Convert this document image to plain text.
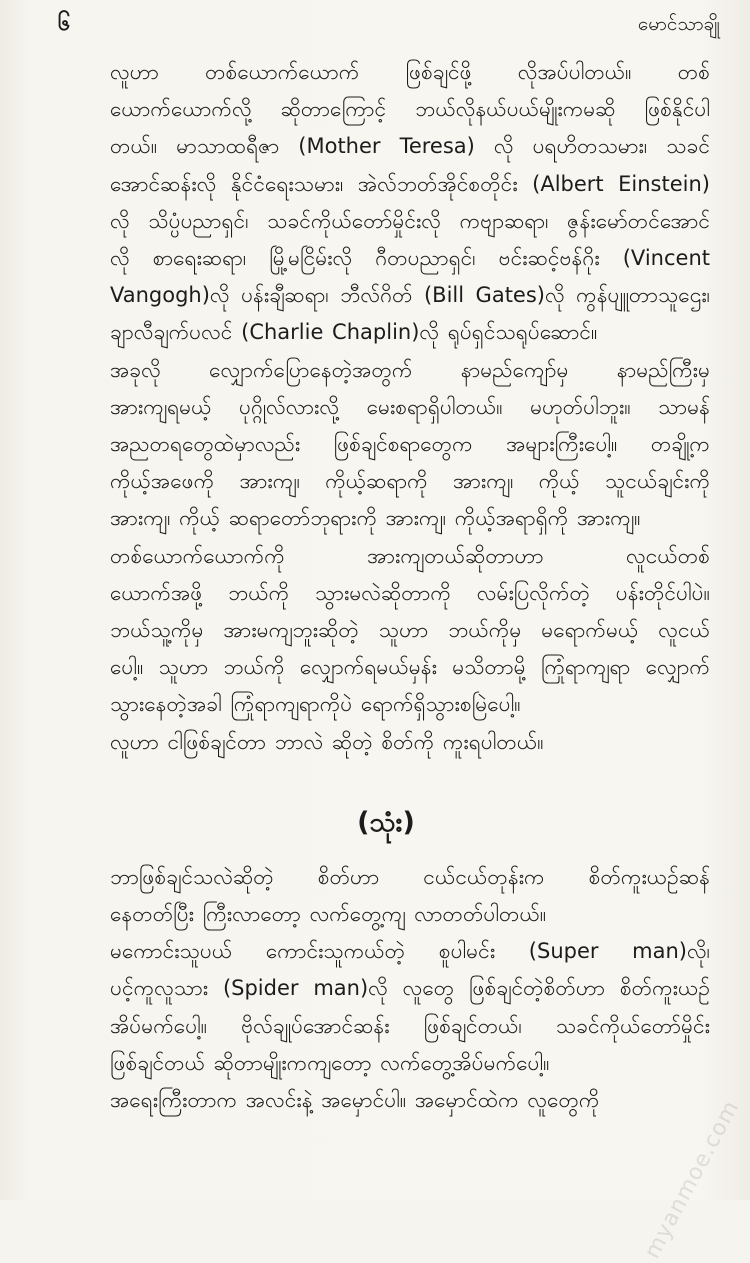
၆	မောင်သာချို

လူဟာ တစ်ယောက်ယောက် ဖြစ်ချင်ဖို့ လိုအပ်ပါတယ်။ တစ်
ယောက်ယောက်လို့ ဆိုတာကြောင့် ဘယ်လိုနယ်ပယ်မျိုးကမဆို ဖြစ်နိုင်ပါ
တယ်။ မာသာထရီဇာ (Mother Teresa) လို ပရဟိတသမား၊ သခင်
အောင်ဆန်းလို နိုင်ငံရေးသမား၊ အဲလ်ဘတ်အိုင်စတိုင်း (Albert Einstein)
လို သိပ္ပံပညာရှင်၊ သခင်ကိုယ်တော်မှိုင်းလို ကဗျာဆရာ၊ ဇွန်းမော်တင်အောင်
လို စာရေးဆရာ၊ မြို့မငြိမ်းလို ဂီတပညာရှင်၊ ဗင်းဆင့်ဗန်ဂိုး (Vincent
Vangogh)လို ပန်းချီဆရာ၊ ဘီလ်ဂိတ် (Bill Gates)လို ကွန်ပျူတာသူဌေး၊
ချာလီချက်ပလင် (Charlie Chaplin)လို ရုပ်ရှင်သရုပ်ဆောင်။

အခုလို လျှောက်ပြောနေတဲ့အတွက် နာမည်ကျော်မှ နာမည်ကြီးမှ
အားကျရမယ့် ပုဂ္ဂိုလ်လားလို့ မေးစရာရှိပါတယ်။ မဟုတ်ပါဘူး။ သာမန်
အညတရတွေထဲမှာလည်း ဖြစ်ချင်စရာတွေက အများကြီးပေါ့။ တချို့က
ကိုယ့်အဖေကို အားကျ၊ ကိုယ့်ဆရာကို အားကျ၊ ကိုယ့် သူငယ်ချင်းကို
အားကျ၊ ကိုယ့် ဆရာတော်ဘုရားကို အားကျ၊ ကိုယ့်အရာရှိကို အားကျ။

တစ်ယောက်ယောက်ကို အားကျတယ်ဆိုတာဟာ လူငယ်တစ်
ယောက်အဖို့ ဘယ်ကို သွားမလဲဆိုတာကို လမ်းပြလိုက်တဲ့ ပန်းတိုင်ပါပဲ။
ဘယ်သူ့ကိုမှ အားမကျဘူးဆိုတဲ့ သူဟာ ဘယ်ကိုမှ မရောက်မယ့် လူငယ်
ပေါ့။ သူဟာ ဘယ်ကို လျှောက်ရမယ်မှန်း မသိတာမို့ ကြုံရာကျရာ လျှောက်
သွားနေတဲ့အခါ ကြုံရာကျရာကိုပဲ ရောက်ရှိသွားစမြဲပေါ့။

လူဟာ ငါဖြစ်ချင်တာ ဘာလဲ ဆိုတဲ့ စိတ်ကို ကူးရပါတယ်။

(သုံး)

ဘာဖြစ်ချင်သလဲဆိုတဲ့ စိတ်ဟာ ငယ်ငယ်တုန်းက စိတ်ကူးယဉ်ဆန်
နေတတ်ပြီး ကြီးလာတော့ လက်တွေ့ကျ လာတတ်ပါတယ်။

မကောင်းသူပယ် ကောင်းသူကယ်တဲ့ စူပါမင်း (Super man)လို၊
ပင့်ကူလူသား (Spider man)လို လူတွေ ဖြစ်ချင်တဲ့စိတ်ဟာ စိတ်ကူးယဉ်
အိပ်မက်ပေါ့။ ဗိုလ်ချုပ်အောင်ဆန်း ဖြစ်ချင်တယ်၊ သခင်ကိုယ်တော်မှိုင်း
ဖြစ်ချင်တယ် ဆိုတာမျိုးကကျတော့ လက်တွေ့အိပ်မက်ပေါ့။

အရေးကြီးတာက အလင်းနဲ့ အမှောင်ပါ။ အမှောင်ထဲက လူတွေကို	myanmoe.com
